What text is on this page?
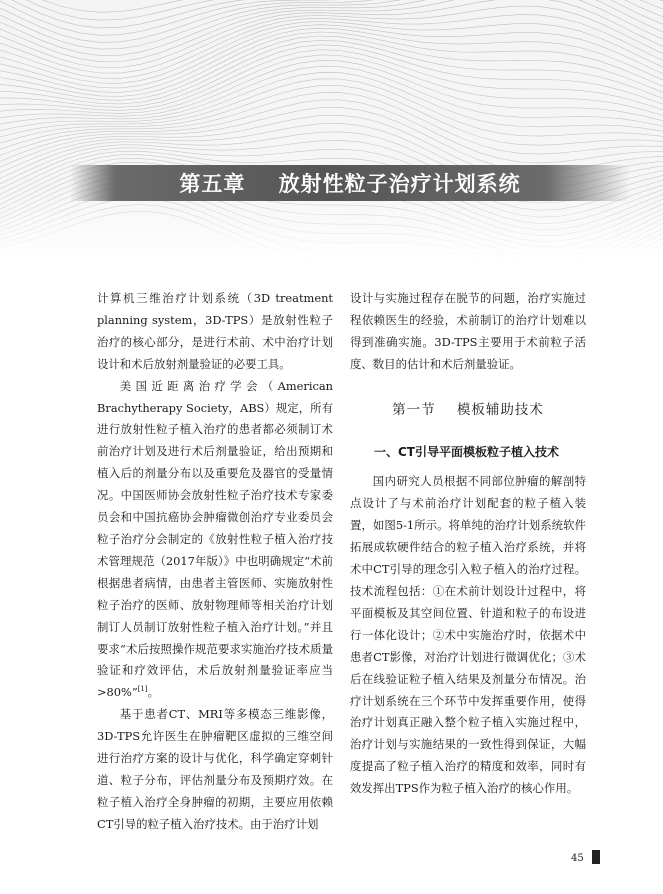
第五章    放射性粒子治疗计划系统

计算机三维治疗计划系统（3D treatment planning system，3D-TPS）是放射性粒子治疗的核心部分，是进行术前、术中治疗计划设计和术后放射剂量验证的必要工具。

美国近距离治疗学会（American Brachytherapy Society，ABS）规定，所有进行放射性粒子植入治疗的患者都必须制订术前治疗计划及进行术后剂量验证，给出预期和植入后的剂量分布以及重要危及器官的受量情况。中国医师协会放射性粒子治疗技术专家委员会和中国抗癌协会肿瘤微创治疗专业委员会粒子治疗分会制定的《放射性粒子植入治疗技术管理规范（2017年版）》中也明确规定“术前根据患者病情，由患者主管医师、实施放射性粒子治疗的医师、放射物理师等相关治疗计划制订人员制订放射性粒子植入治疗计划。”并且要求“术后按照操作规范要求实施治疗技术质量验证和疗效评估，术后放射剂量验证率应当>80%”[1]。

基于患者CT、MRI等多模态三维影像，3D-TPS允许医生在肿瘤靶区虚拟的三维空间进行治疗方案的设计与优化，科学确定穿刺针道、粒子分布，评估剂量分布及预期疗效。在粒子植入治疗全身肿瘤的初期，主要应用依赖CT引导的粒子植入治疗技术。由于治疗计划

设计与实施过程存在脱节的问题，治疗实施过程依赖医生的经验，术前制订的治疗计划难以得到准确实施。3D-TPS主要用于术前粒子活度、数目的估计和术后剂量验证。

第一节    模板辅助技术
一、CT引导平面模板粒子植入技术

国内研究人员根据不同部位肿瘤的解剖特点设计了与术前治疗计划配套的粒子植入装置，如图5-1所示。将单纯的治疗计划系统软件拓展成软硬件结合的粒子植入治疗系统，并将术中CT引导的理念引入粒子植入的治疗过程。技术流程包括：①在术前计划设计过程中，将平面模板及其空间位置、针道和粒子的布设进行一体化设计；②术中实施治疗时，依据术中患者CT影像，对治疗计划进行微调优化；③术后在线验证粒子植入结果及剂量分布情况。治疗计划系统在三个环节中发挥重要作用，使得治疗计划真正融入整个粒子植入实施过程中，治疗计划与实施结果的一致性得到保证，大幅度提高了粒子植入治疗的精度和效率，同时有效发挥出TPS作为粒子植入治疗的核心作用。

45
